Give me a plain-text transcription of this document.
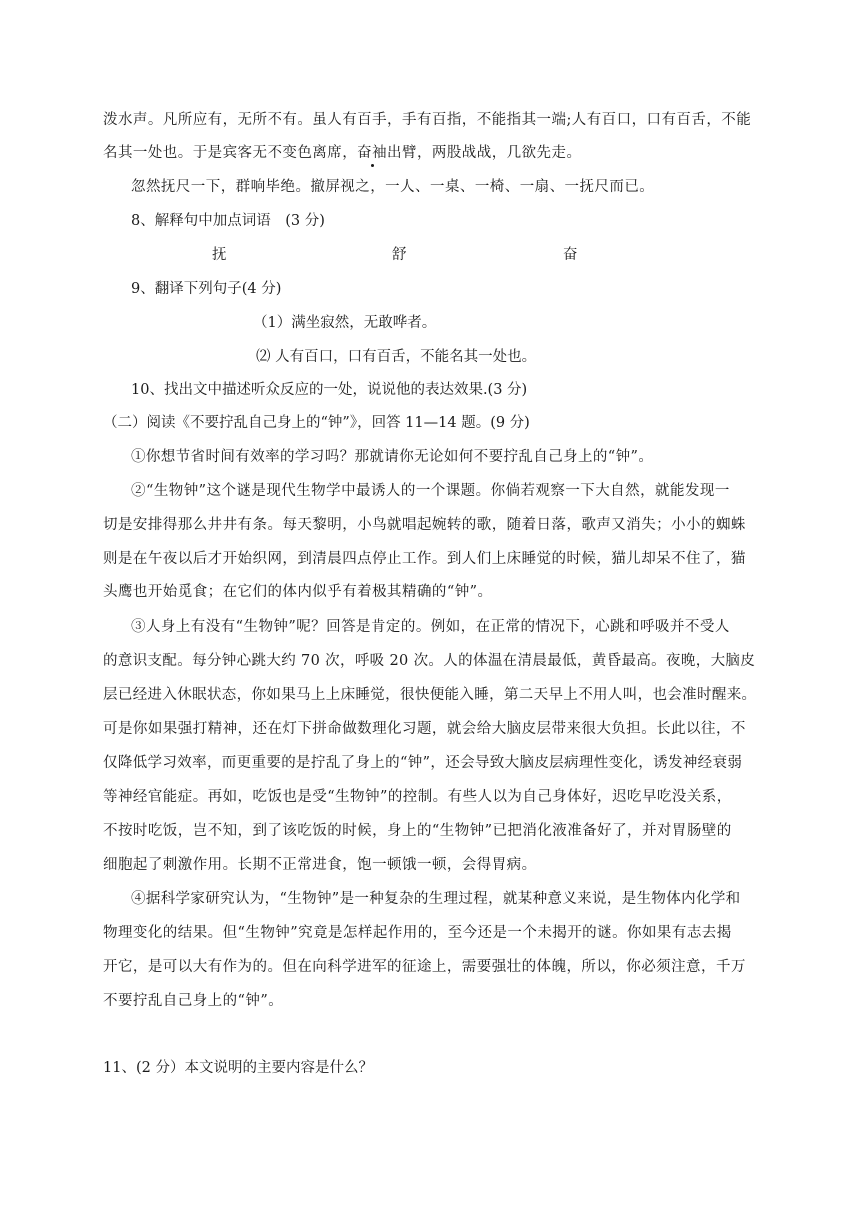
泼水声。凡所应有，无所不有。虽人有百手，手有百指，不能指其一端;人有百口，口有百舌，不能
名其一处也。于是宾客无不变色离席，奋袖出臂，两股战战，几欲先走。
忽然抚尺一下，群响毕绝。撤屏视之，一人、一桌、一椅、一扇、一抚尺而已。
8、解释句中加点词语　(3 分)
抚	舒	奋
9、翻译下列句子(4 分)
（1）满坐寂然，无敢哗者。
⑵ 人有百口，口有百舌，不能名其一处也。
10、找出文中描述听众反应的一处，说说他的表达效果.(3 分)
（二）阅读《不要拧乱自己身上的“钟”》，回答 11—14 题。(9 分)
①你想节省时间有效率的学习吗？那就请你无论如何不要拧乱自己身上的“钟”。
②“生物钟”这个谜是现代生物学中最诱人的一个课题。你倘若观察一下大自然，就能发现一
切是安排得那么井井有条。每天黎明，小鸟就唱起婉转的歌，随着日落，歌声又消失；小小的蜘蛛
则是在午夜以后才开始织网，到清晨四点停止工作。到人们上床睡觉的时候，猫儿却呆不住了，猫
头鹰也开始觅食；在它们的体内似乎有着极其精确的“钟”。
③人身上有没有“生物钟”呢？回答是肯定的。例如，在正常的情况下，心跳和呼吸并不受人
的意识支配。每分钟心跳大约 70 次，呼吸 20 次。人的体温在清晨最低，黄昏最高。夜晚，大脑皮
层已经进入休眠状态，你如果马上上床睡觉，很快便能入睡，第二天早上不用人叫，也会准时醒来。
可是你如果强打精神，还在灯下拼命做数理化习题，就会给大脑皮层带来很大负担。长此以往，不
仅降低学习效率，而更重要的是拧乱了身上的“钟”，还会导致大脑皮层病理性变化，诱发神经衰弱
等神经官能症。再如，吃饭也是受“生物钟”的控制。有些人以为自己身体好，迟吃早吃没关系，
不按时吃饭，岂不知，到了该吃饭的时候，身上的“生物钟”已把消化液准备好了，并对胃肠壁的
细胞起了刺激作用。长期不正常进食，饱一顿饿一顿，会得胃病。
④据科学家研究认为，“生物钟”是一种复杂的生理过程，就某种意义来说，是生物体内化学和
物理变化的结果。但“生物钟”究竟是怎样起作用的，至今还是一个未揭开的谜。你如果有志去揭
开它，是可以大有作为的。但在向科学进军的征途上，需要强壮的体魄，所以，你必须注意，千万
不要拧乱自己身上的“钟”。
11、(2 分）本文说明的主要内容是什么？
